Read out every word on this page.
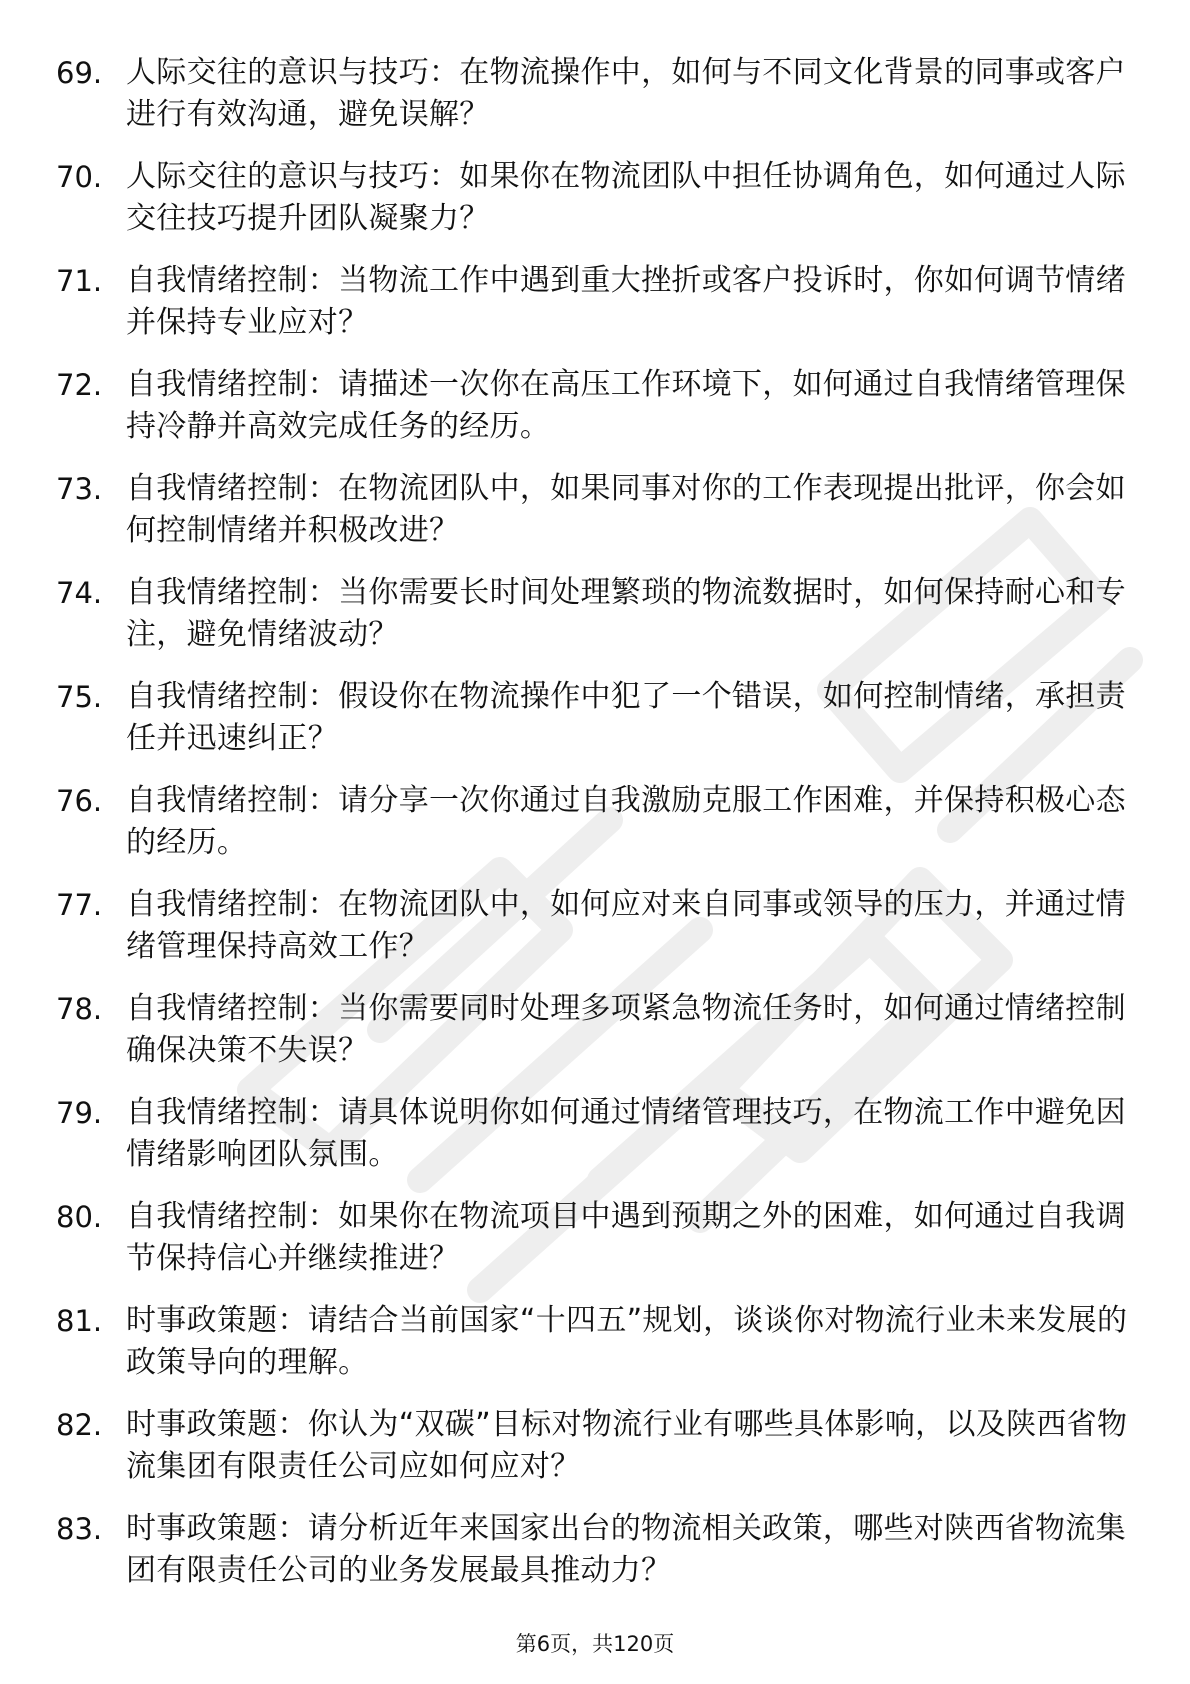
69. 人际交往的意识与技巧：在物流操作中，如何与不同文化背景的同事或客户进行有效沟通，避免误解？
70. 人际交往的意识与技巧：如果你在物流团队中担任协调角色，如何通过人际交往技巧提升团队凝聚力？
71. 自我情绪控制：当物流工作中遇到重大挫折或客户投诉时，你如何调节情绪并保持专业应对？
72. 自我情绪控制：请描述一次你在高压工作环境下，如何通过自我情绪管理保持冷静并高效完成任务的经历。
73. 自我情绪控制：在物流团队中，如果同事对你的工作表现提出批评，你会如何控制情绪并积极改进？
74. 自我情绪控制：当你需要长时间处理繁琐的物流数据时，如何保持耐心和专注，避免情绪波动？
75. 自我情绪控制：假设你在物流操作中犯了一个错误，如何控制情绪，承担责任并迅速纠正？
76. 自我情绪控制：请分享一次你通过自我激励克服工作困难，并保持积极心态的经历。
77. 自我情绪控制：在物流团队中，如何应对来自同事或领导的压力，并通过情绪管理保持高效工作？
78. 自我情绪控制：当你需要同时处理多项紧急物流任务时，如何通过情绪控制确保决策不失误？
79. 自我情绪控制：请具体说明你如何通过情绪管理技巧，在物流工作中避免因情绪影响团队氛围。
80. 自我情绪控制：如果你在物流项目中遇到预期之外的困难，如何通过自我调节保持信心并继续推进？
81. 时事政策题：请结合当前国家“十四五”规划，谈谈你对物流行业未来发展的政策导向的理解。
82. 时事政策题：你认为“双碳”目标对物流行业有哪些具体影响，以及陕西省物流集团有限责任公司应如何应对？
83. 时事政策题：请分析近年来国家出台的物流相关政策，哪些对陕西省物流集团有限责任公司的业务发展最具推动力？
第6页，共120页
